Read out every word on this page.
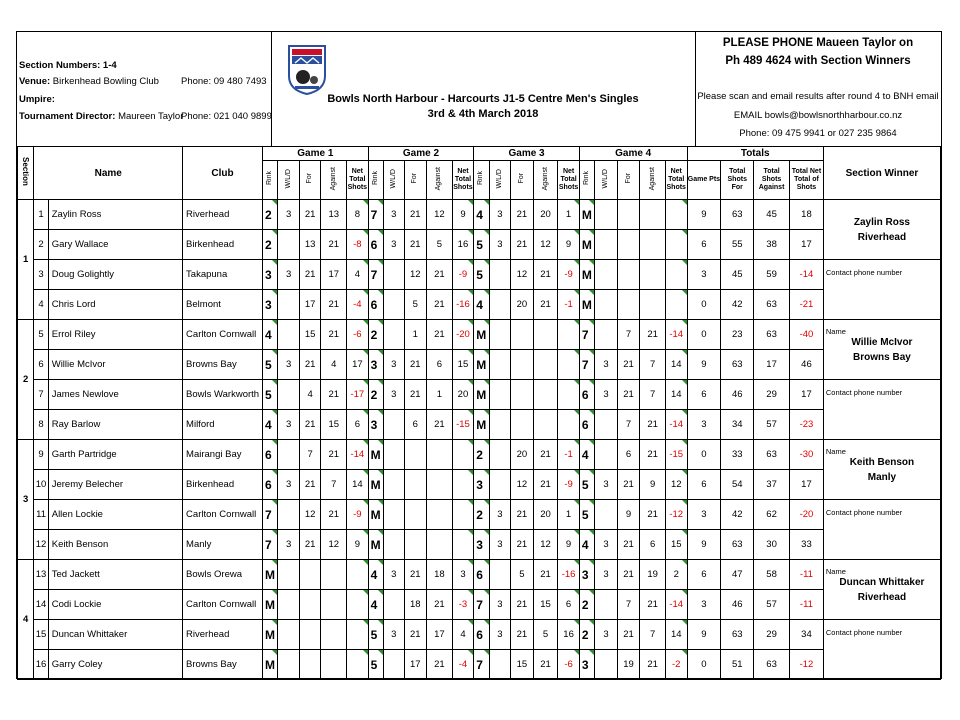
Section Numbers: 1-4
Venue: Birkenhead Bowling Club Phone: 09 480 7493
Umpire:
Tournament Director: Maureen Taylor
Phone: 021 040 9899
Bowls North Harbour - Harcourts J1-5 Centre Men's Singles
3rd & 4th March 2018
PLEASE PHONE Maueen Taylor on
Ph 489 4624 with Section Winners
Please scan and email results after round 4 to BNH email
EMAIL bowls@bowlsnorthharbour.co.nz
Phone: 09 475 9941 or 027 235 9864
Section	Name		Club	Game 1					Game 2					Game 3					Game 4					Totals				Section Winner
				Rink	W/L/D	For	Against	Net Total Shots	Rink	W/L/D	For	Against	Net Total Shots	Rink	W/L/D	For	Against	Net Total Shots	Rink	W/L/D	For	Against	Net Total Shots	Game Pts	Total Shots For	Total Shots Against	Total Net Total of Shots	
1	1	Zaylin Ross	Riverhead	2	3	21	13	8	7	3	21	12	9	4	3	21	20	1	M					9	63	45	18	Zaylin Ross
Riverhead

	2	Gary Wallace	Birkenhead	2		13	21	-8	6	3	21	5	16	5	3	21	12	9	M					6	55	38	17	
	3	Doug Golightly	Takapuna	3	3	21	17	4	7		12	21	-9	5		12	21	-9	M					3	45	59	-14	Contact phone number
	4	Chris Lord	Belmont	3		17	21	-4	6		5	21	-16	4		20	21	-1	M					0	42	63	-21	
2	5	Errol Riley	Carlton Cornwall	4		15	21	-6	2		1	21	-20	M					7		7	21	-14	0	23	63	-40	Name
Willie McIvor
Browns Bay

	6	Willie McIvor	Browns Bay	5	3	21	4	17	3	3	21	6	15	M					7	3	21	7	14	9	63	17	46	
	7	James Newlove	Bowls Warkworth	5		4	21	-17	2	3	21	1	20	M					6	3	21	7	14	6	46	29	17	Contact phone number
	8	Ray Barlow	Milford	4	3	21	15	6	3		6	21	-15	M					6		7	21	-14	3	34	57	-23	
3	9	Garth Partridge	Mairangi Bay	6		7	21	-14	M					2		20	21	-1	4		6	21	-15	0	33	63	-30	Name
Keith Benson
Manly

	10	Jeremy Belecher	Birkenhead	6	3	21	7	14	M					3		12	21	-9	5	3	21	9	12	6	54	37	17	
	11	Allen Lockie	Carlton Cornwall	7		12	21	-9	M					2	3	21	20	1	5		9	21	-12	3	42	62	-20	Contact phone number
	12	Keith Benson	Manly	7	3	21	12	9	M					3	3	21	12	9	4	3	21	6	15	9	63	30	33	
4	13	Ted Jackett	Bowls Orewa	M					4	3	21	18	3	6		5	21	-16	3	3	21	19	2	6	47	58	-11	Name
Duncan Whittaker
Riverhead

	14	Codi Lockie	Carlton Cornwall	M					4		18	21	-3	7	3	21	15	6	2		7	21	-14	3	46	57	-11	
	15	Duncan Whittaker	Riverhead	M					5	3	21	17	4	6	3	21	5	16	2	3	21	7	14	9	63	29	34	Contact phone number
	16	Garry Coley	Browns Bay	M					5		17	21	-4	7		15	21	-6	3		19	21	-2	0	51	63	-12	
